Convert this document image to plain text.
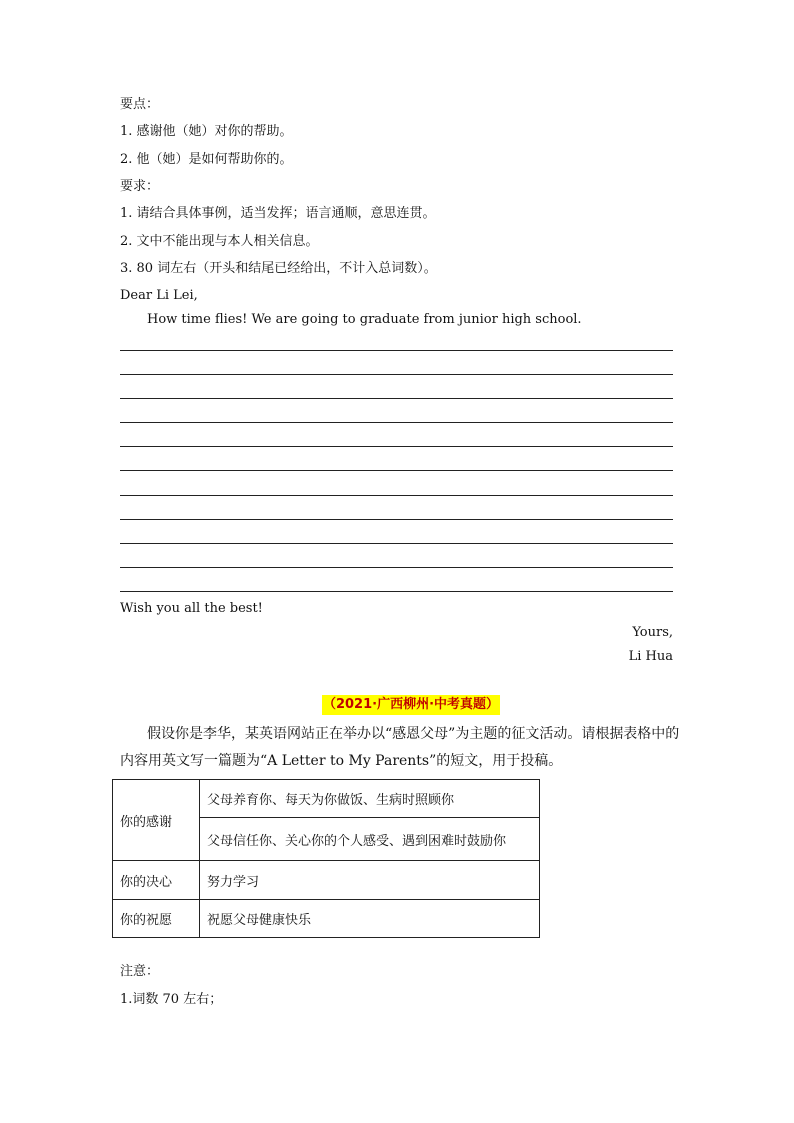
要点：
1. 感谢他（她）对你的帮助。
2. 他（她）是如何帮助你的。
要求：
1. 请结合具体事例，适当发挥；语言通顺，意思连贯。
2. 文中不能出现与本人相关信息。
3. 80 词左右（开头和结尾已经给出，不计入总词数）。
Dear Li Lei,
How time flies! We are going to graduate from junior high school.
Wish you all the best!
Yours,
Li Hua
（2021·广西柳州·中考真题）
假设你是李华，某英语网站正在举办以“感恩父母”为主题的征文活动。请根据表格中的
内容用英文写一篇题为“A Letter to My Parents”的短文，用于投稿。
你的感谢	父母养育你、每天为你做饭、生病时照顾你
	父母信任你、关心你的个人感受、遇到困难时鼓励你
你的决心	努力学习
你的祝愿	祝愿父母健康快乐
注意：
1.词数 70 左右；
